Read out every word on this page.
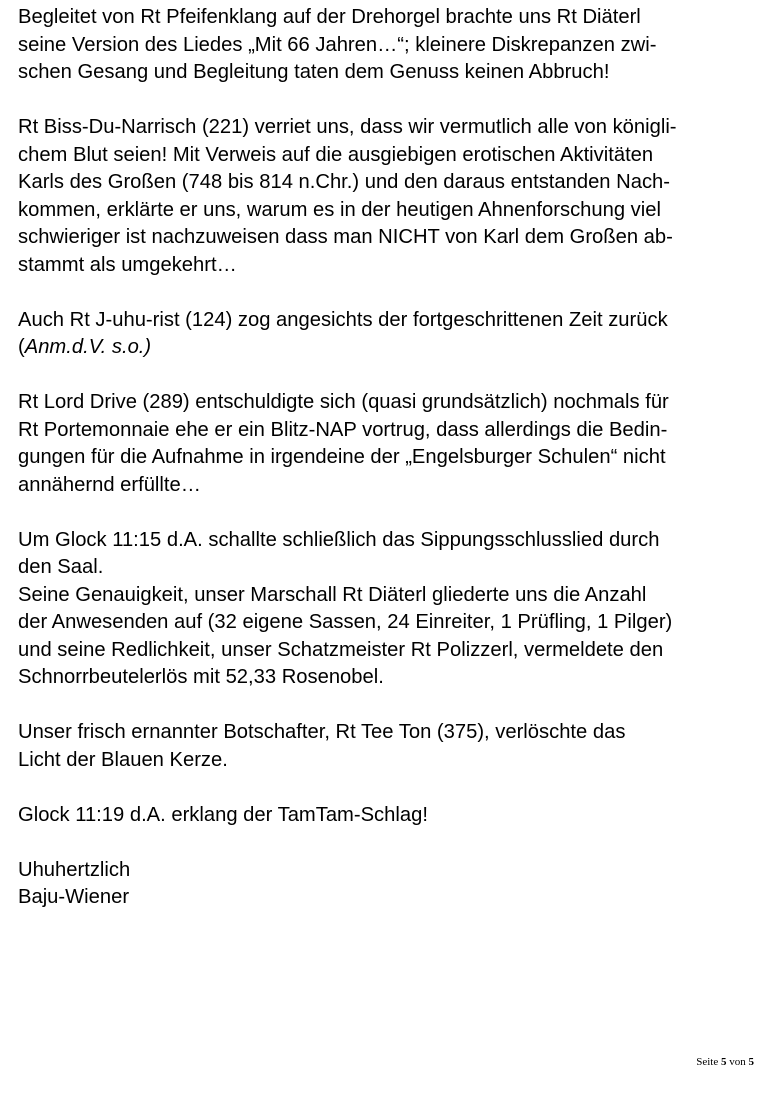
Begleitet von Rt Pfeifenklang auf der Drehorgel brachte uns Rt Diäterl
seine Version des Liedes „Mit 66 Jahren…“; kleinere Diskrepanzen zwi-
schen Gesang und Begleitung taten dem Genuss keinen Abbruch!

Rt Biss-Du-Narrisch (221) verriet uns, dass wir vermutlich alle von königli-
chem Blut seien! Mit Verweis auf die ausgiebigen erotischen Aktivitäten
Karls des Großen (748 bis 814 n.Chr.) und den daraus entstanden Nach-
kommen, erklärte er uns, warum es in der heutigen Ahnenforschung viel
schwieriger ist nachzuweisen dass man NICHT von Karl dem Großen ab-
stammt als umgekehrt…

Auch Rt J-uhu-rist (124) zog angesichts der fortgeschrittenen Zeit zurück
(Anm.d.V. s.o.)

Rt Lord Drive (289) entschuldigte sich (quasi grundsätzlich) nochmals für
Rt Portemonnaie ehe er ein Blitz-NAP vortrug, dass allerdings die Bedin-
gungen für die Aufnahme in irgendeine der „Engelsburger Schulen“ nicht
annähernd erfüllte…

Um Glock 11:15 d.A. schallte schließlich das Sippungsschlusslied durch
den Saal.
Seine Genauigkeit, unser Marschall Rt Diäterl gliederte uns die Anzahl
der Anwesenden auf (32 eigene Sassen, 24 Einreiter, 1 Prüfling, 1 Pilger)
und seine Redlichkeit, unser Schatzmeister Rt Polizzerl, vermeldete den
Schnorrbeutelerlös mit 52,33 Rosenobel.

Unser frisch ernannter Botschafter, Rt Tee Ton (375), verlöschte das
Licht der Blauen Kerze.

Glock 11:19 d.A. erklang der TamTam-Schlag!

Uhuhertzlich
Baju-Wiener

Seite 5 von 5
